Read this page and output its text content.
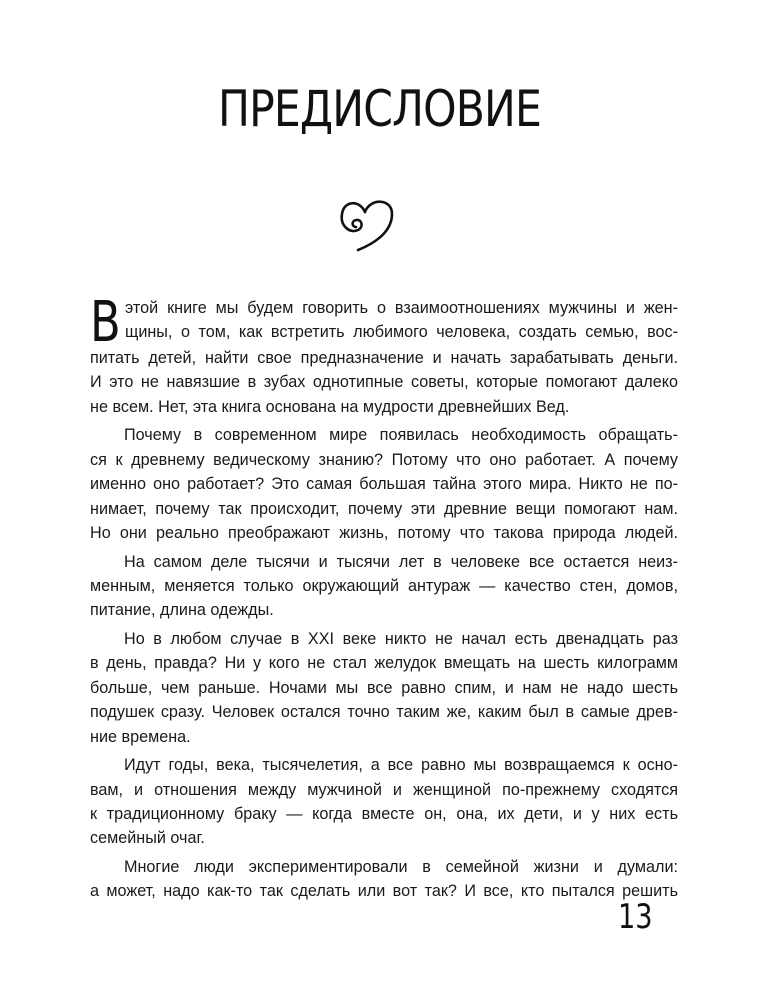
ПРЕДИСЛОВИЕ
В этой книге мы будем говорить о взаимоотношениях мужчины и жен-
щины, о том, как встретить любимого человека, создать семью, вос-
питать детей, найти свое предназначение и начать зарабатывать деньги.
И это не навязшие в зубах однотипные советы, которые помогают далеко
не всем. Нет, эта книга основана на мудрости древнейших Вед.
Почему в современном мире появилась необходимость обращать-
ся к древнему ведическому знанию? Потому что оно работает. А почему
именно оно работает? Это самая большая тайна этого мира. Никто не по-
нимает, почему так происходит, почему эти древние вещи помогают нам.
Но они реально преображают жизнь, потому что такова природа людей.
На самом деле тысячи и тысячи лет в человеке все остается неиз-
менным, меняется только окружающий антураж — качество стен, домов,
питание, длина одежды.
Но в любом случае в XXI веке никто не начал есть двенадцать раз
в день, правда? Ни у кого не стал желудок вмещать на шесть килограмм
больше, чем раньше. Ночами мы все равно спим, и нам не надо шесть
подушек сразу. Человек остался точно таким же, каким был в самые древ-
ние времена.
Идут годы, века, тысячелетия, а все равно мы возвращаемся к осно-
вам, и отношения между мужчиной и женщиной по-прежнему сходятся
к традиционному браку — когда вместе он, она, их дети, и у них есть
семейный очаг.
Многие люди экспериментировали в семейной жизни и думали:
а может, надо как-то так сделать или вот так? И все, кто пытался решить
13
